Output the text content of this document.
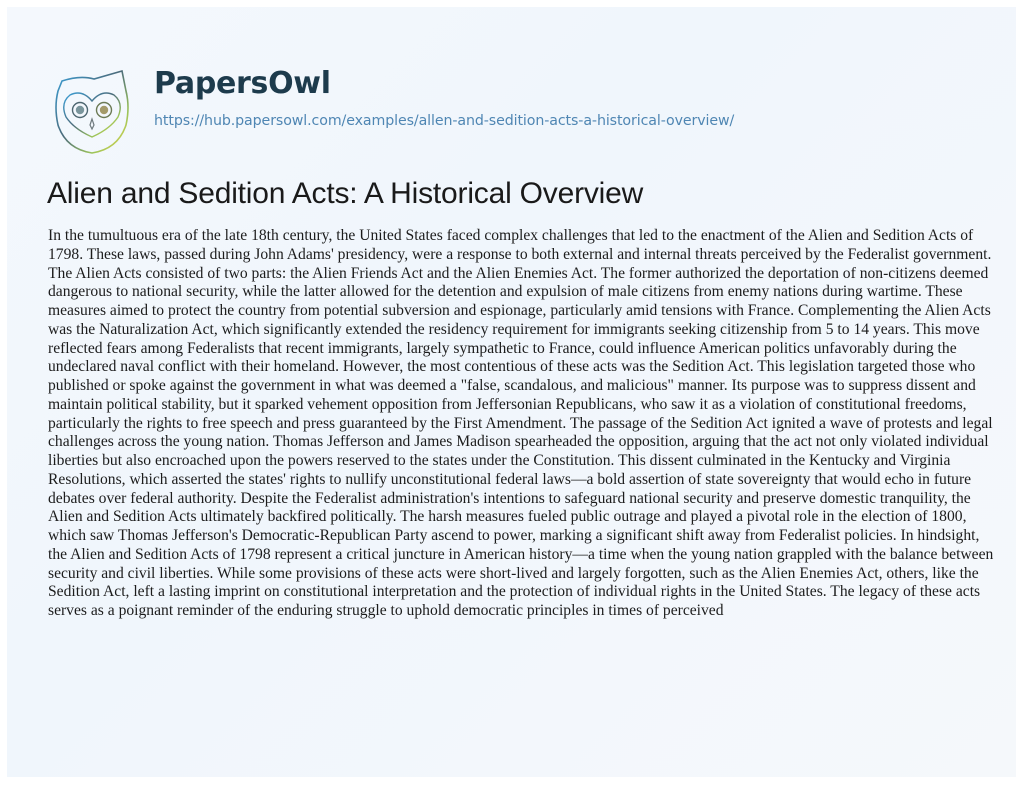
PapersOwl
https://hub.papersowl.com/examples/allen-and-sedition-acts-a-historical-overview/
Alien and Sedition Acts: A Historical Overview

In the tumultuous era of the late 18th century, the United States faced complex challenges that led to the enactment of the Alien and Sedition Acts of 1798. These laws, passed during John Adams' presidency, were a response to both external and internal threats perceived by the Federalist government. The Alien Acts consisted of two parts: the Alien Friends Act and the Alien Enemies Act. The former authorized the deportation of non-citizens deemed dangerous to national security, while the latter allowed for the detention and expulsion of male citizens from enemy nations during wartime. These measures aimed to protect the country from potential subversion and espionage, particularly amid tensions with France. Complementing the Alien Acts was the Naturalization Act, which significantly extended the residency requirement for immigrants seeking citizenship from 5 to 14 years. This move reflected fears among Federalists that recent immigrants, largely sympathetic to France, could influence American politics unfavorably during the undeclared naval conflict with their homeland. However, the most contentious of these acts was the Sedition Act. This legislation targeted those who published or spoke against the government in what was deemed a "false, scandalous, and malicious" manner. Its purpose was to suppress dissent and maintain political stability, but it sparked vehement opposition from Jeffersonian Republicans, who saw it as a violation of constitutional freedoms, particularly the rights to free speech and press guaranteed by the First Amendment. The passage of the Sedition Act ignited a wave of protests and legal challenges across the young nation. Thomas Jefferson and James Madison spearheaded the opposition, arguing that the act not only violated individual liberties but also encroached upon the powers reserved to the states under the Constitution. This dissent culminated in the Kentucky and Virginia Resolutions, which asserted the states' rights to nullify unconstitutional federal laws—a bold assertion of state sovereignty that would echo in future debates over federal authority. Despite the Federalist administration's intentions to safeguard national security and preserve domestic tranquility, the Alien and Sedition Acts ultimately backfired politically. The harsh measures fueled public outrage and played a pivotal role in the election of 1800, which saw Thomas Jefferson's Democratic-Republican Party ascend to power, marking a significant shift away from Federalist policies. In hindsight, the Alien and Sedition Acts of 1798 represent a critical juncture in American history—a time when the young nation grappled with the balance between security and civil liberties. While some provisions of these acts were short-lived and largely forgotten, such as the Alien Enemies Act, others, like the Sedition Act, left a lasting imprint on constitutional interpretation and the protection of individual rights in the United States. The legacy of these acts serves as a poignant reminder of the enduring struggle to uphold democratic principles in times of perceived
